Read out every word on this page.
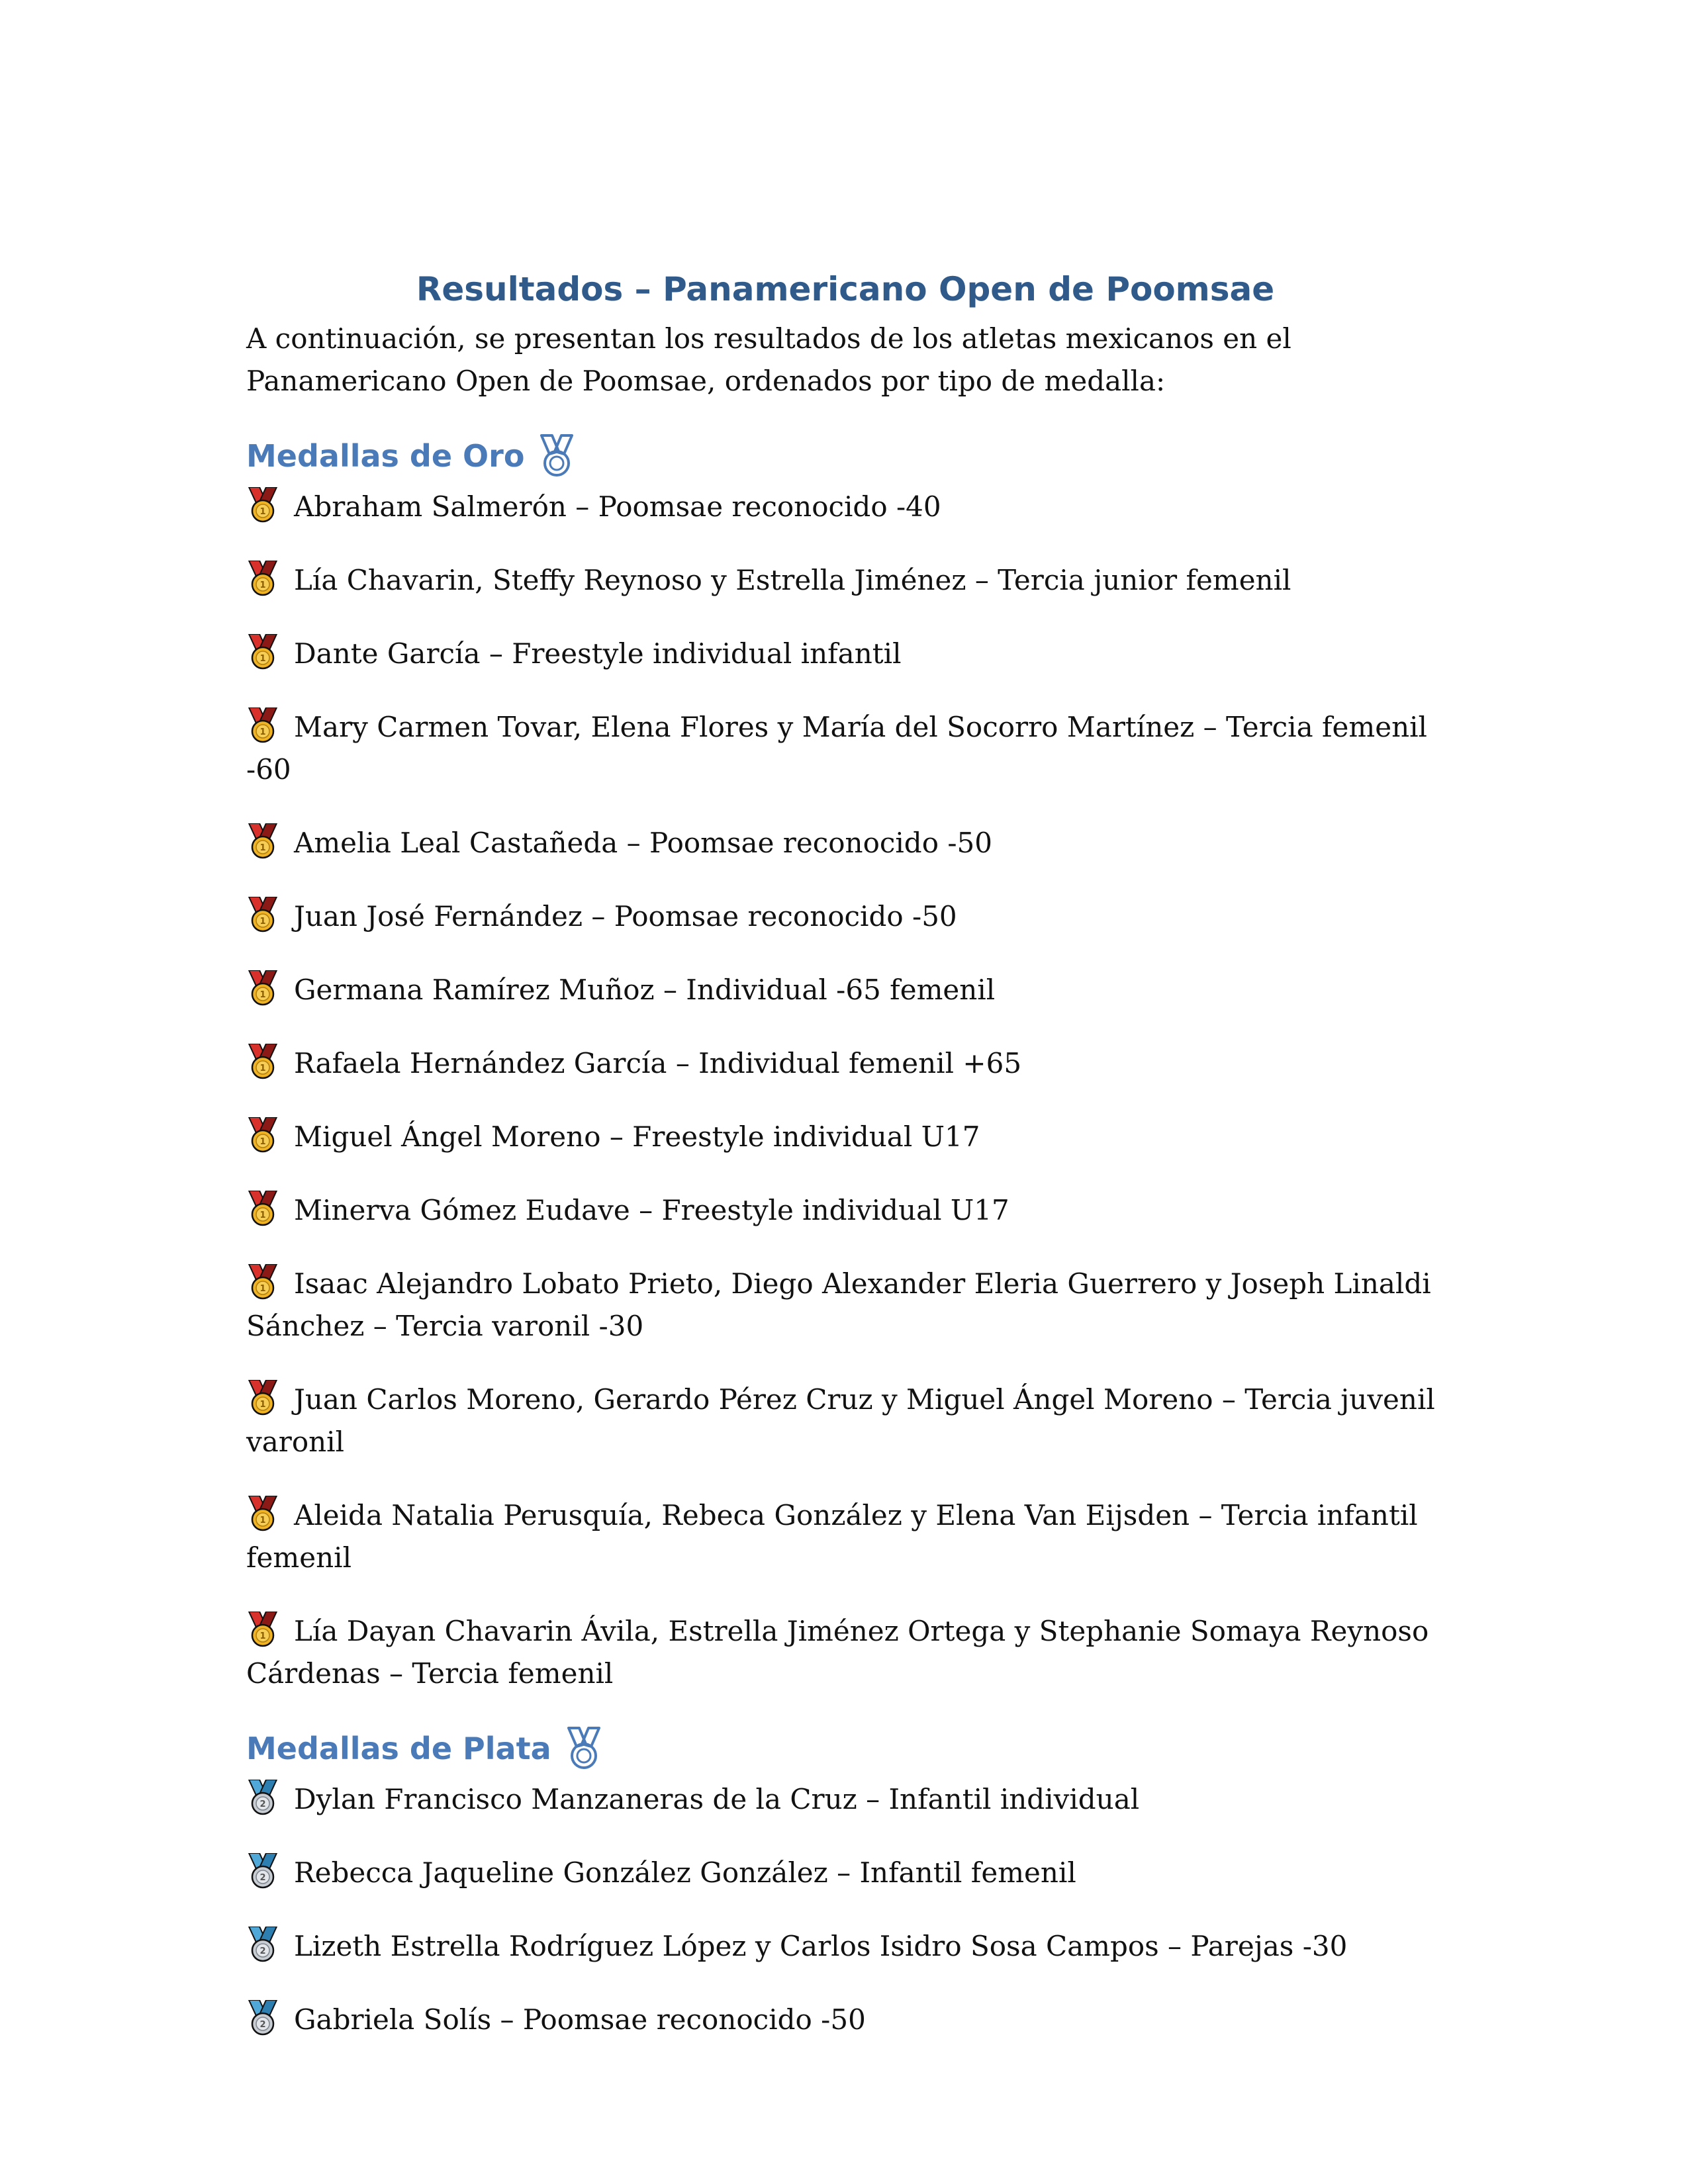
Resultados – Panamericano Open de Poomsae

A continuación, se presentan los resultados de los atletas mexicanos en el Panamericano Open de Poomsae, ordenados por tipo de medalla:

Medallas de Oro

Abraham Salmerón – Poomsae reconocido -40

Lía Chavarin, Steffy Reynoso y Estrella Jiménez – Tercia junior femenil

Dante García – Freestyle individual infantil

Mary Carmen Tovar, Elena Flores y María del Socorro Martínez – Tercia femenil -60

Amelia Leal Castañeda – Poomsae reconocido -50

Juan José Fernández – Poomsae reconocido -50

Germana Ramírez Muñoz – Individual -65 femenil

Rafaela Hernández García – Individual femenil +65

Miguel Ángel Moreno – Freestyle individual U17

Minerva Gómez Eudave – Freestyle individual U17

Isaac Alejandro Lobato Prieto, Diego Alexander Eleria Guerrero y Joseph Linaldi Sánchez – Tercia varonil -30

Juan Carlos Moreno, Gerardo Pérez Cruz y Miguel Ángel Moreno – Tercia juvenil varonil

Aleida Natalia Perusquía, Rebeca González y Elena Van Eijsden – Tercia infantil femenil

Lía Dayan Chavarin Ávila, Estrella Jiménez Ortega y Stephanie Somaya Reynoso Cárdenas – Tercia femenil

Medallas de Plata

Dylan Francisco Manzaneras de la Cruz – Infantil individual

Rebecca Jaqueline González González – Infantil femenil

Lizeth Estrella Rodríguez López y Carlos Isidro Sosa Campos – Parejas -30

Gabriela Solís – Poomsae reconocido -50
